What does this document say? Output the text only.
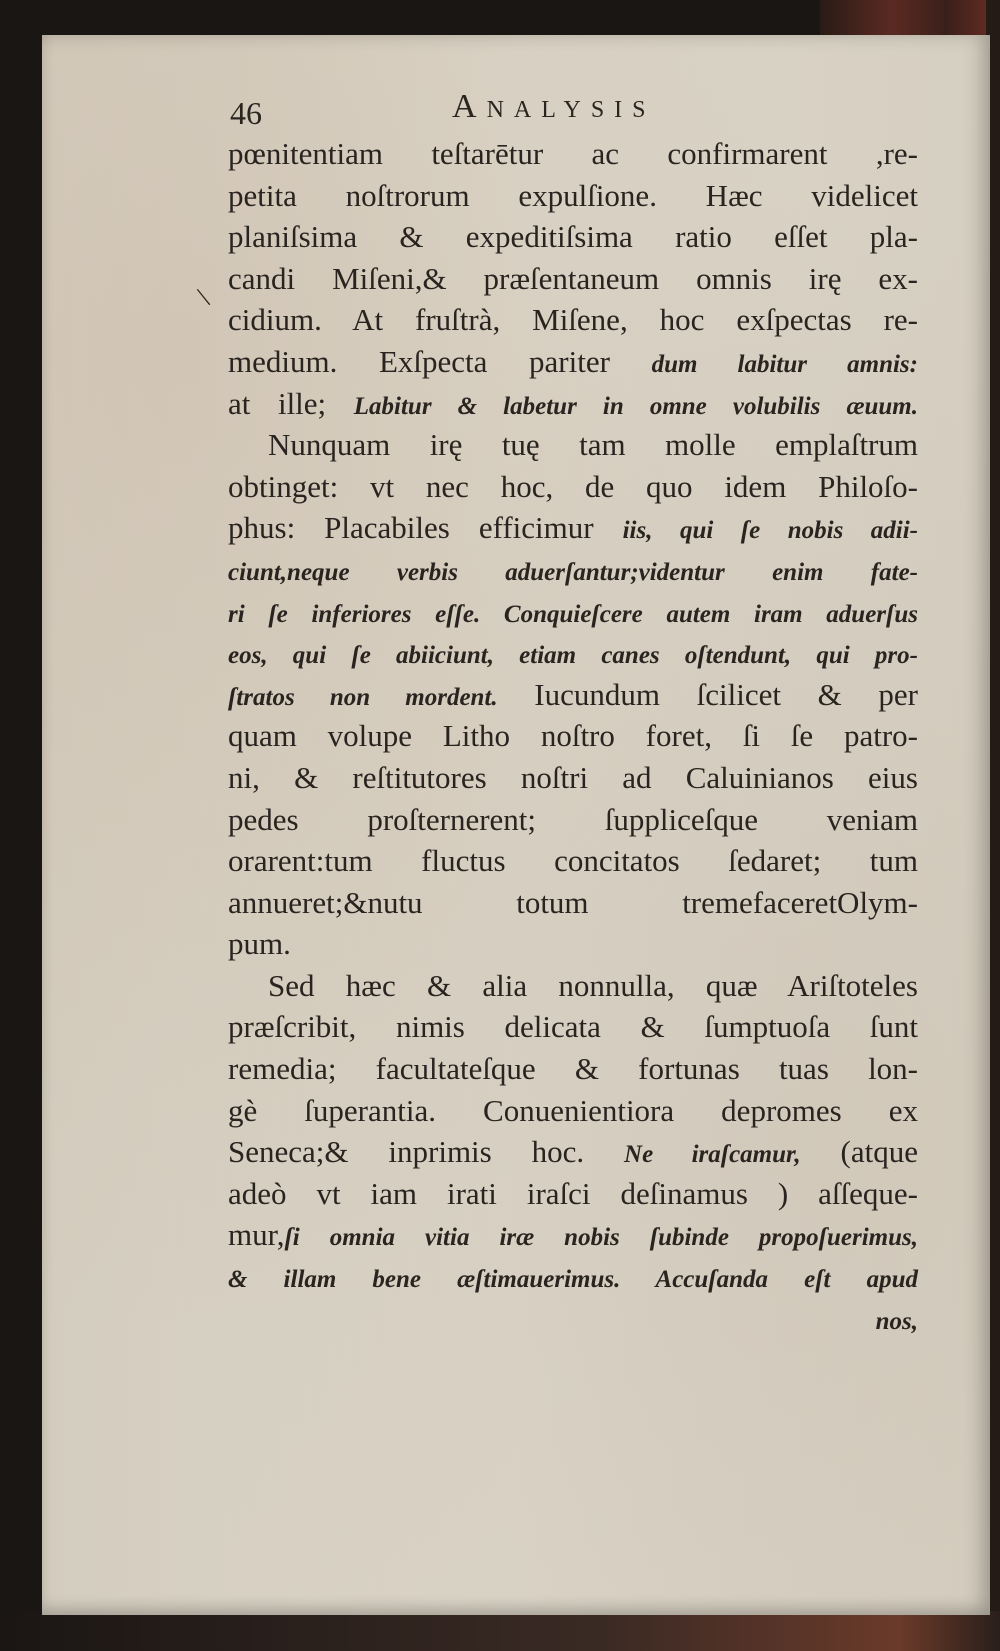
46	ANALYSIS

\
pœnitentiam teſtarētur ac confirmarent ,re-
petita noſtrorum expulſione. Hæc videlicet
planiſsima & expeditiſsima ratio eſſet pla-
candi Miſeni,& præſentaneum omnis irę ex-
cidium. At fruſtrà, Miſene, hoc exſpectas re-
medium. Exſpecta pariter dum labitur amnis:
at ille; Labitur & labetur in omne volubilis æuum.
Nunquam irę tuę tam molle emplaſtrum
obtinget: vt nec hoc, de quo idem Philoſo-
phus: Placabiles efficimur iis, qui ſe nobis adii-
ciunt,neque verbis aduerſantur;videntur enim fate-
ri ſe inferiores eſſe. Conquieſcere autem iram aduerſus
eos, qui ſe abiiciunt, etiam canes oſtendunt, qui pro-
ſtratos non mordent. Iucundum ſcilicet & per
quam volupe Litho noſtro foret, ſi ſe patro-
ni, & reſtitutores noſtri ad Caluinianos eius
pedes proſternerent; ſuppliceſque veniam
orarent:tum fluctus concitatos ſedaret; tum
annueret;&nutu totum tremefaceretOlym-
pum.
Sed hæc & alia nonnulla, quæ Ariſtoteles
præſcribit, nimis delicata & ſumptuoſa ſunt
remedia; facultateſque & fortunas tuas lon-
gè ſuperantia. Conuenientiora depromes ex
Seneca;& inprimis hoc. Ne iraſcamur, (atque
adeò vt iam irati iraſci deſinamus ) aſſeque-
mur,ſi omnia vitia iræ nobis ſubinde propoſuerimus,
& illam bene æſtimauerimus. Accuſanda eſt apud
nos,
